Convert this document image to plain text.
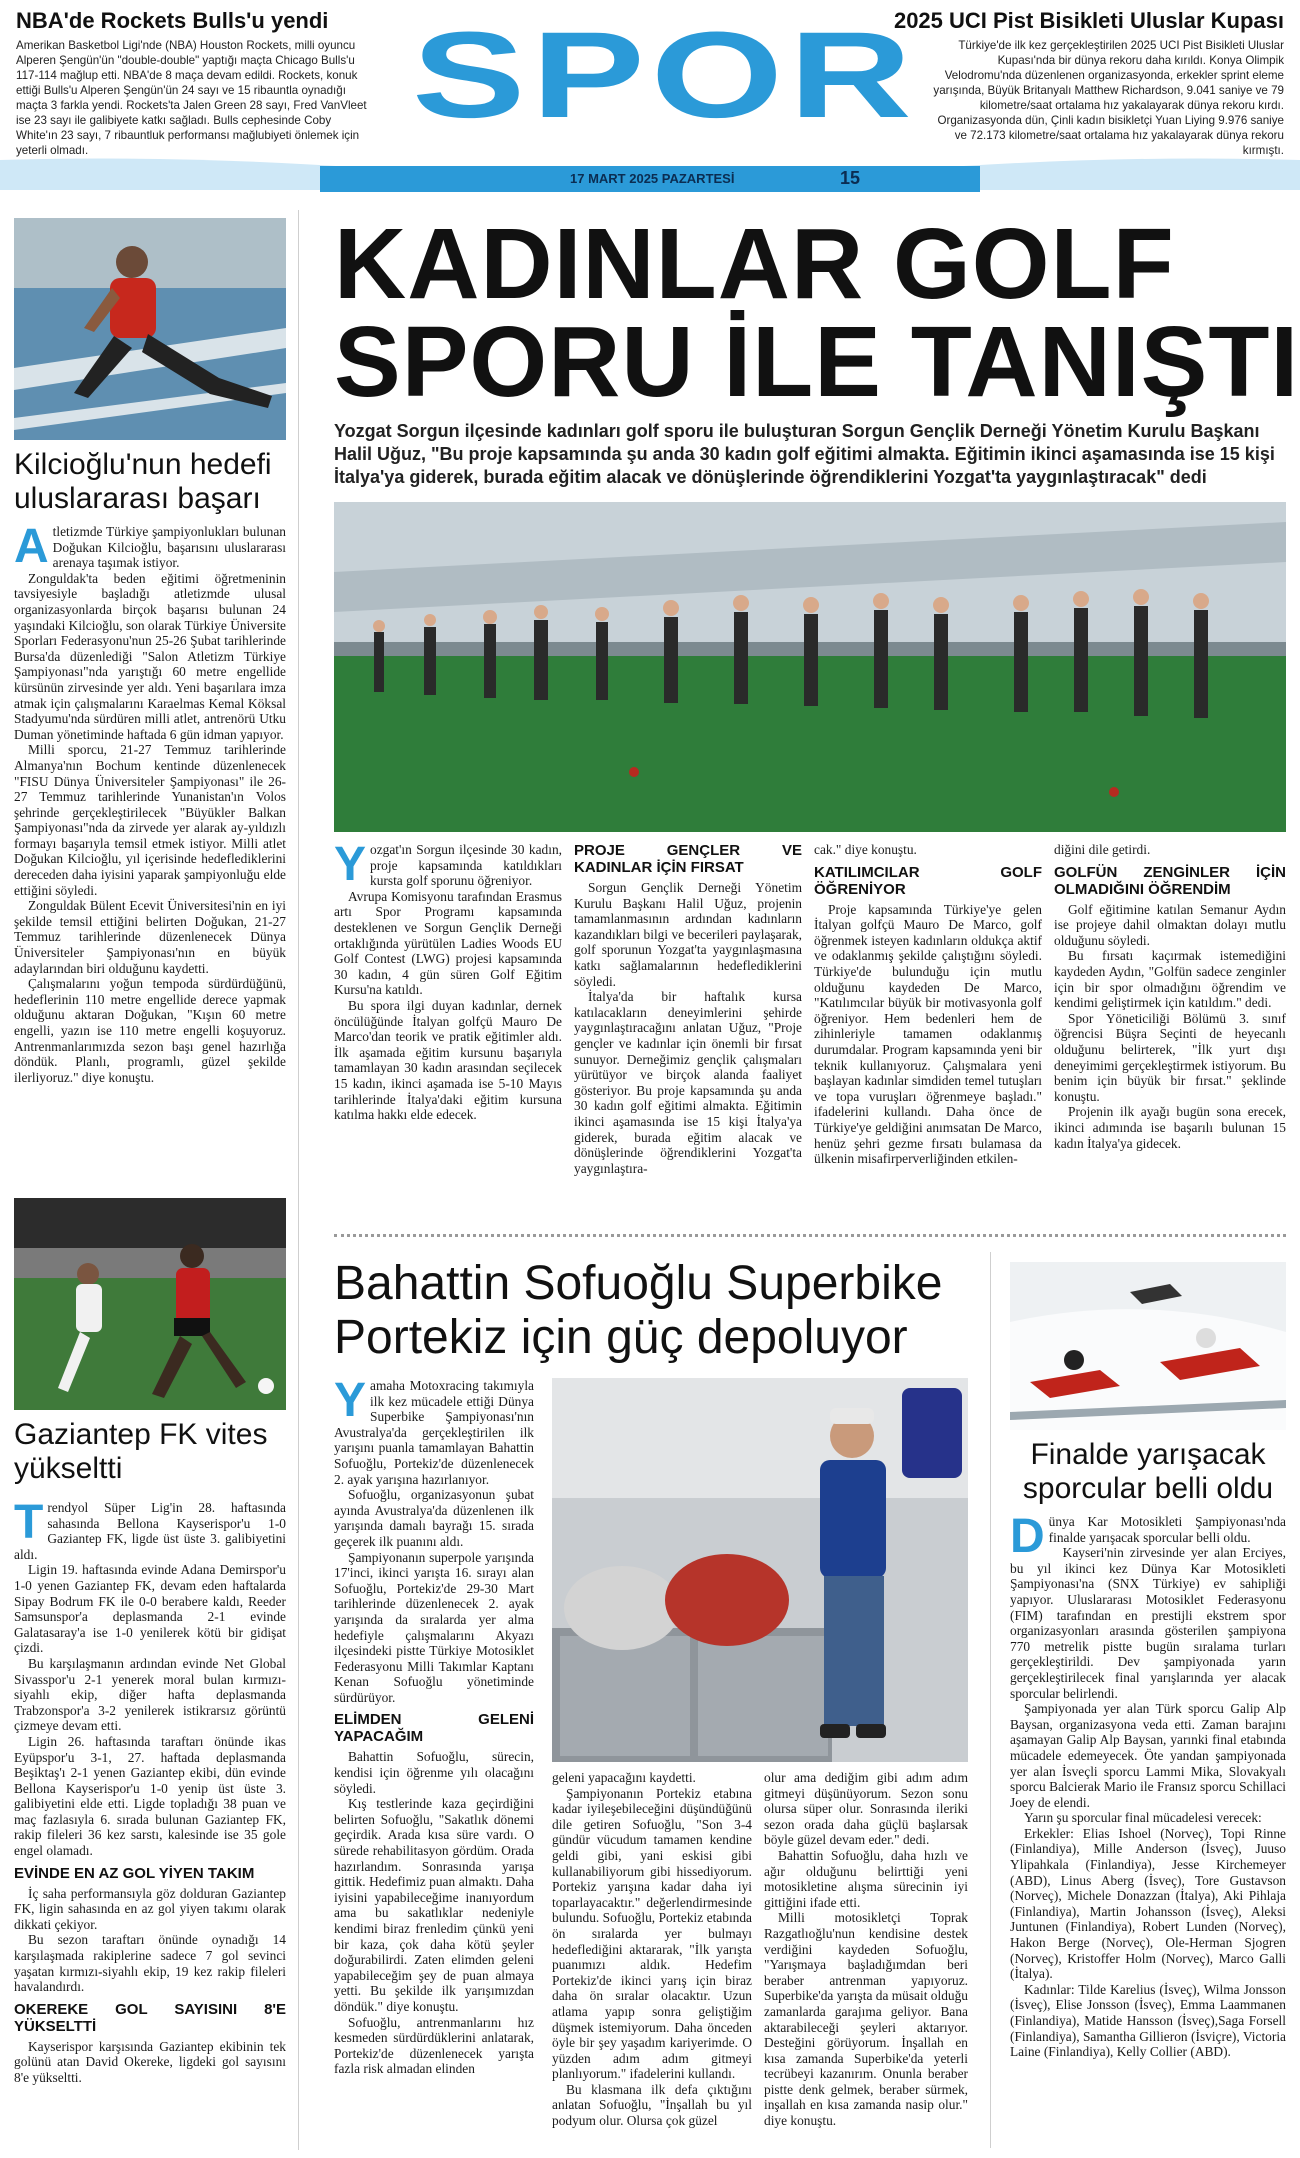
NBA'de Rockets Bulls'u yendi
Amerikan Basketbol Ligi'nde (NBA) Houston Rockets, milli oyuncu Alperen Şengün'ün "double-double" yaptığı maçta Chicago Bulls'u 117-114 mağlup etti. NBA'de 8 maça devam edildi. Rockets, konuk ettiği Bulls'u Alperen Şengün'ün 24 sayı ve 15 ribauntla oynadığı maçta 3 farkla yendi. Rockets'ta Jalen Green 28 sayı, Fred VanVleet ise 23 sayı ile galibiyete katkı sağladı. Bulls cephesinde Coby White'ın 23 sayı, 7 ribauntluk performansı mağlubiyeti önlemek için yeterli olmadı.
SPOR
2025 UCI Pist Bisikleti Uluslar Kupası
Türkiye'de ilk kez gerçekleştirilen 2025 UCI Pist Bisikleti Uluslar Kupası'nda bir dünya rekoru daha kırıldı. Konya Olimpik Velodromu'nda düzenlenen organizasyonda, erkekler sprint eleme yarışında, Büyük Britanyalı Matthew Richardson, 9.041 saniye ve 79 kilometre/saat ortalama hız yakalayarak dünya rekoru kırdı. Organizasyonda dün, Çinli kadın bisikletçi Yuan Liying 9.976 saniye ve 72.173 kilometre/saat ortalama hız yakalayarak dünya rekoru kırmıştı.
17 MART 2025 PAZARTESİ	15
Kilcioğlu'nun hedefi uluslararası başarı

Atletizmde Türkiye şampiyonlukları bulunan Doğukan Kilcioğlu, başarısını uluslararası arenaya taşımak istiyor.

Zonguldak'ta beden eğitimi öğretmeninin tavsiyesiyle başladığı atletizmde ulusal organizasyonlarda birçok başarısı bulunan 24 yaşındaki Kilcioğlu, son olarak Türkiye Üniversite Sporları Federasyonu'nun 25-26 Şubat tarihlerinde Bursa'da düzenlediği "Salon Atletizm Türkiye Şampiyonası"nda yarıştığı 60 metre engellide kürsünün zirvesinde yer aldı. Yeni başarılara imza atmak için çalışmalarını Karaelmas Kemal Köksal Stadyumu'nda sürdüren milli atlet, antrenörü Utku Duman yönetiminde haftada 6 gün idman yapıyor.

Milli sporcu, 21-27 Temmuz tarihlerinde Almanya'nın Bochum kentinde düzenlenecek "FISU Dünya Üniversiteler Şampiyonası" ile 26-27 Temmuz tarihlerinde Yunanistan'ın Volos şehrinde gerçekleştirilecek "Büyükler Balkan Şampiyonası"nda da zirvede yer alarak ay-yıldızlı formayı başarıyla temsil etmek istiyor. Milli atlet Doğukan Kilcioğlu, yıl içerisinde hedeflediklerini dereceden daha iyisini yaparak şampiyonluğu elde ettiğini söyledi.

Zonguldak Bülent Ecevit Üniversitesi'nin en iyi şekilde temsil ettiğini belirten Doğukan, 21-27 Temmuz tarihlerinde düzenlenecek Dünya Üniversiteler Şampiyonası'nın en büyük adaylarından biri olduğunu kaydetti.

Çalışmalarını yoğun tempoda sürdürdüğünü, hedeflerinin 110 metre engellide derece yapmak olduğunu aktaran Doğukan, "Kışın 60 metre engelli, yazın ise 110 metre engelli koşuyoruz. Antrenmanlarımızda sezon başı genel hazırlığa döndük. Planlı, programlı, güzel şekilde ilerliyoruz." diye konuştu.

Gaziantep FK vites yükseltti

Trendyol Süper Lig'in 28. haftasında sahasında Bellona Kayserispor'u 1-0 Gaziantep FK, ligde üst üste 3. galibiyetini aldı.

Ligin 19. haftasında evinde Adana Demirspor'u 1-0 yenen Gaziantep FK, devam eden haftalarda Sipay Bodrum FK ile 0-0 berabere kaldı, Reeder Samsunspor'a deplasmanda 2-1 evinde Galatasaray'a ise 1-0 yenilerek kötü bir gidişat çizdi.

Bu karşılaşmanın ardından evinde Net Global Sivasspor'u 2-1 yenerek moral bulan kırmızı-siyahlı ekip, diğer hafta deplasmanda Trabzonspor'a 3-2 yenilerek istikrarsız görüntü çizmeye devam etti.

Ligin 26. haftasında taraftarı önünde ikas Eyüpspor'u 3-1, 27. haftada deplasmanda Beşiktaş'ı 2-1 yenen Gaziantep ekibi, dün evinde Bellona Kayserispor'u 1-0 yenip üst üste 3. galibiyetini elde etti. Ligde topladığı 38 puan ve maç fazlasıyla 6. sırada bulunan Gaziantep FK, rakip fileleri 36 kez sarstı, kalesinde ise 35 gole engel olamadı.

EVİNDE EN AZ GOL YİYEN TAKIM

İç saha performansıyla göz dolduran Gaziantep FK, ligin sahasında en az gol yiyen takımı olarak dikkati çekiyor.

Bu sezon taraftarı önünde oynadığı 14 karşılaşmada rakiplerine sadece 7 gol sevinci yaşatan kırmızı-siyahlı ekip, 19 kez rakip fileleri havalandırdı.

OKEREKE GOL SAYISINI 8'E YÜKSELTTİ

Kayserispor karşısında Gaziantep ekibinin tek golünü atan David Okereke, ligdeki gol sayısını 8'e yükseltti.

KADINLAR GOLF
SPORU İLE TANIŞTI
Yozgat Sorgun ilçesinde kadınları golf sporu ile buluşturan Sorgun Gençlik Derneği Yönetim Kurulu Başkanı Halil Uğuz, "Bu proje kapsamında şu anda 30 kadın golf eğitimi almakta. Eğitimin ikinci aşamasında ise 15 kişi İtalya'ya giderek, burada eğitim alacak ve dönüşlerinde öğrendiklerini Yozgat'ta yaygınlaştıracak" dedi

Yozgat'ın Sorgun ilçesinde 30 kadın, proje kapsamında katıldıkları kursta golf sporunu öğreniyor.

Avrupa Komisyonu tarafından Erasmus artı Spor Programı kapsamında desteklenen ve Sorgun Gençlik Derneği ortaklığında yürütülen Ladies Woods EU Golf Contest (LWG) projesi kapsamında 30 kadın, 4 gün süren Golf Eğitim Kursu'na katıldı.

Bu spora ilgi duyan kadınlar, dernek öncülüğünde İtalyan golfçü Mauro De Marco'dan teorik ve pratik eğitimler aldı. İlk aşamada eğitim kursunu başarıyla tamamlayan 30 kadın arasından seçilecek 15 kadın, ikinci aşamada ise 5-10 Mayıs tarihlerinde İtalya'daki eğitim kursuna katılma hakkı elde edecek.

PROJE GENÇLER VE KADINLAR İÇİN FIRSAT

Sorgun Gençlik Derneği Yönetim Kurulu Başkanı Halil Uğuz, projenin tamamlanmasının ardından kadınların kazandıkları bilgi ve becerileri paylaşarak, golf sporunun Yozgat'ta yaygınlaşmasına katkı sağlamalarının hedeflediklerini söyledi.

İtalya'da bir haftalık kursa katılacakların deneyimlerini şehirde yaygınlaştıracağını anlatan Uğuz, "Proje gençler ve kadınlar için önemli bir fırsat sunuyor. Derneğimiz gençlik çalışmaları yürütüyor ve birçok alanda faaliyet gösteriyor. Bu proje kapsamında şu anda 30 kadın golf eğitimi almakta. Eğitimin ikinci aşamasında ise 15 kişi İtalya'ya giderek, burada eğitim alacak ve dönüşlerinde öğrendiklerini Yozgat'ta yaygınlaştıra-

cak." diye konuştu.

KATILIMCILAR GOLF ÖĞRENİYOR

Proje kapsamında Türkiye'ye gelen İtalyan golfçü Mauro De Marco, golf öğrenmek isteyen kadınların oldukça aktif ve odaklanmış şekilde çalıştığını söyledi. Türkiye'de bulunduğu için mutlu olduğunu kaydeden De Marco, "Katılımcılar büyük bir motivasyonla golf öğreniyor. Hem bedenleri hem de zihinleriyle tamamen odaklanmış durumdalar. Program kapsamında yeni bir teknik kullanıyoruz. Çalışmalara yeni başlayan kadınlar simdiden temel tutuşları ve topa vuruşları öğrenmeye başladı." ifadelerini kullandı. Daha önce de Türkiye'ye geldiğini anımsatan De Marco, henüz şehri gezme fırsatı bulamasa da ülkenin misafirperverliğinden etkilen-

diğini dile getirdi.

GOLFÜN ZENGİNLER İÇİN OLMADIĞINI ÖĞRENDİM

Golf eğitimine katılan Semanur Aydın ise projeye dahil olmaktan dolayı mutlu olduğunu söyledi.

Bu fırsatı kaçırmak istemediğini kaydeden Aydın, "Golfün sadece zenginler için bir spor olmadığını öğrendim ve kendimi geliştirmek için katıldım." dedi.

Spor Yöneticiliği Bölümü 3. sınıf öğrencisi Büşra Seçinti de heyecanlı olduğunu belirterek, "İlk yurt dışı deneyimimi gerçekleştirmek istiyorum. Bu benim için büyük bir fırsat." şeklinde konuştu.

Projenin ilk ayağı bugün sona erecek, ikinci adımında ise başarılı bulunan 15 kadın İtalya'ya gidecek.

Bahattin Sofuoğlu Superbike
Portekiz için güç depoluyor

Yamaha Motoxracing takımıyla ilk kez mücadele ettiği Dünya Superbike Şampiyonası'nın Avustralya'da gerçekleştirilen ilk yarışını puanla tamamlayan Bahattin Sofuoğlu, Portekiz'de düzenlenecek 2. ayak yarışına hazırlanıyor.

Sofuoğlu, organizasyonun şubat ayında Avustralya'da düzenlenen ilk yarışında damalı bayrağı 15. sırada geçerek ilk puanını aldı.

Şampiyonanın superpole yarışında 17'inci, ikinci yarışta 16. sırayı alan Sofuoğlu, Portekiz'de 29-30 Mart tarihlerinde düzenlenecek 2. ayak yarışında da sıralarda yer alma hedefiyle çalışmalarını Akyazı ilçesindeki pistte Türkiye Motosiklet Federasyonu Milli Takımlar Kaptanı Kenan Sofuoğlu yönetiminde sürdürüyor.

ELİMDEN GELENİ YAPACAĞIM

Bahattin Sofuoğlu, sürecin, kendisi için öğrenme yılı olacağını söyledi.

Kış testlerinde kaza geçirdiğini belirten Sofuoğlu, "Sakatlık dönemi geçirdik. Arada kısa süre vardı. O sürede rehabilitasyon gördüm. Orada hazırlandım. Sonrasında yarışa gittik. Hedefimiz puan almaktı. Daha iyisini yapabileceğime inanıyordum ama bu sakatlıklar nedeniyle kendimi biraz frenledim çünkü yeni bir kaza, çok daha kötü şeyler doğurabilirdi. Zaten elimden geleni yapabileceğim şey de puan almaya yetti. Bu şekilde ilk yarışımızdan döndük." diye konuştu.

Sofuoğlu, antrenmanlarını hız kesmeden sürdürdüklerini anlatarak, Portekiz'de düzenlenecek yarışta fazla risk almadan elinden

geleni yapacağını kaydetti.

Şampiyonanın Portekiz etabına kadar iyileşebileceğini düşündüğünü dile getiren Sofuoğlu, "Son 3-4 gündür vücudum tamamen kendine geldi gibi, yani eskisi gibi kullanabiliyorum gibi hissediyorum. Portekiz yarışına kadar daha iyi toparlayacaktır." değerlendirmesinde bulundu. Sofuoğlu, Portekiz etabında ön sıralarda yer bulmayı hedeflediğini aktararak, "İlk yarışta puanımızı aldık. Hedefim Portekiz'de ikinci yarış için biraz daha ön sıralar olacaktır. Uzun atlama yapıp sonra geliştiğim düşmek istemiyorum. Daha önceden öyle bir şey yaşadım kariyerimde. O yüzden adım adım gitmeyi planlıyorum." ifadelerini kullandı.

Bu klasmana ilk defa çıktığını anlatan Sofuoğlu, "İnşallah bu yıl podyum olur. Olursa çok güzel

olur ama dediğim gibi adım adım gitmeyi düşünüyorum. Sezon sonu olursa süper olur. Sonrasında ileriki sezon orada daha güçlü başlarsak böyle güzel devam eder." dedi.

Bahattin Sofuoğlu, daha hızlı ve ağır olduğunu belirttiği yeni motosikletine alışma sürecinin iyi gittiğini ifade etti.

Milli motosikletçi Toprak Razgatlıoğlu'nun kendisine destek verdiğini kaydeden Sofuoğlu, "Yarışmaya başladığımdan beri beraber antrenman yapıyoruz. Superbike'da yarışta da müsait olduğu zamanlarda garajıma geliyor. Bana aktarabileceği şeyleri aktarıyor. Desteğini görüyorum. İnşallah en kısa zamanda Superbike'da yeterli tecrübeyi kazanırım. Onunla beraber pistte denk gelmek, beraber sürmek, inşallah en kısa zamanda nasip olur." diye konuştu.

Finalde yarışacak sporcular belli oldu

Dünya Kar Motosikleti Şampiyonası'nda finalde yarışacak sporcular belli oldu.

Kayseri'nin zirvesinde yer alan Erciyes, bu yıl ikinci kez Dünya Kar Motosikleti Şampiyonası'na (SNX Türkiye) ev sahipliği yapıyor. Uluslararası Motosiklet Federasyonu (FIM) tarafından en prestijli ekstrem spor organizasyonları arasında gösterilen şampiyona 770 metrelik pistte bugün sıralama turları gerçekleştirildi. Dev şampiyonada yarın gerçekleştirilecek final yarışlarında yer alacak sporcular belirlendi.

Şampiyonada yer alan Türk sporcu Galip Alp Baysan, organizasyona veda etti. Zaman barajını aşamayan Galip Alp Baysan, yarınki final etabında mücadele edemeyecek. Öte yandan şampiyonada yer alan İsveçli sporcu Lammi Mika, Slovakyalı sporcu Balcierak Mario ile Fransız sporcu Schillaci Joey de elendi.

Yarın şu sporcular final mücadelesi verecek:

Erkekler: Elias Ishoel (Norveç), Topi Rinne (Finlandiya), Mille Anderson (İsveç), Juuso Ylipahkala (Finlandiya), Jesse Kirchemeyer (ABD), Linus Aberg (İsveç), Tore Gustavson (Norveç), Michele Donazzan (İtalya), Aki Pihlaja (Finlandiya), Martin Johansson (İsveç), Aleksi Juntunen (Finlandiya), Robert Lunden (Norveç), Hakon Berge (Norveç), Ole-Herman Sjogren (Norveç), Kristoffer Holm (Norveç), Marco Galli (İtalya).

Kadınlar: Tilde Karelius (İsveç), Wilma Jonsson (İsveç), Elise Jonsson (İsveç), Emma Laammanen (Finlandiya), Matide Hansson (İsveç),Saga Forsell (Finlandiya), Samantha Gillieron (İsviçre), Victoria Laine (Finlandiya), Kelly Collier (ABD).
